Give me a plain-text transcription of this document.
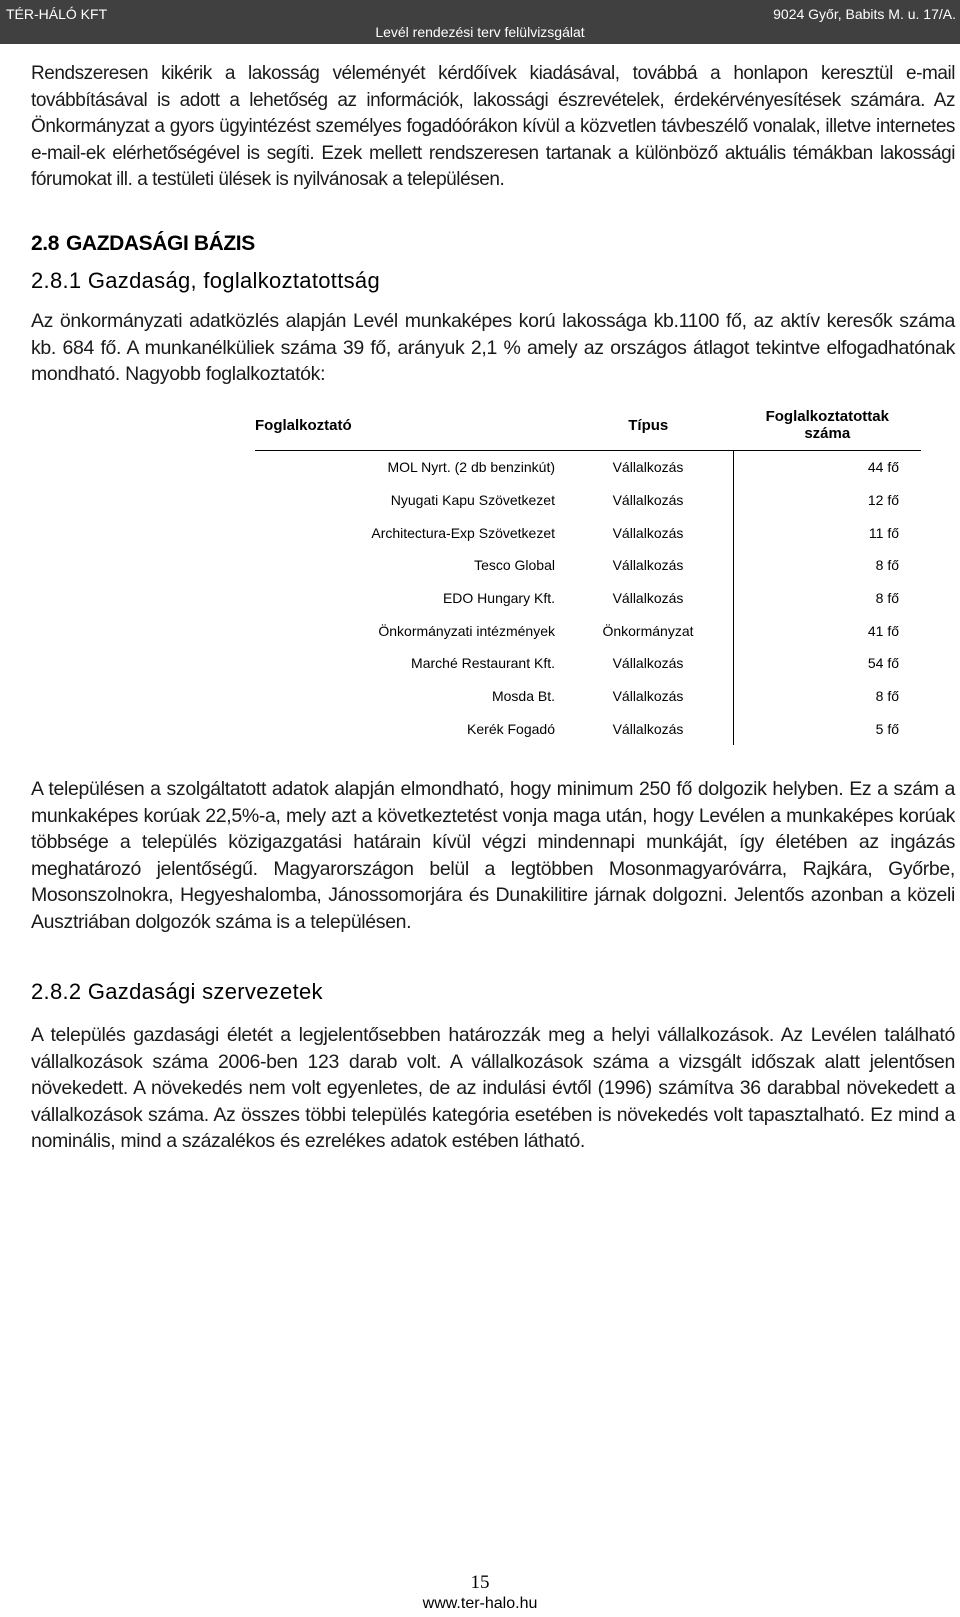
TÉR-HÁLÓ KFT
Levél rendezési terv felülvizsgálat
9024 Győr, Babits M. u. 17/A.
Rendszeresen kikérik a lakosság véleményét kérdőívek kiadásával, továbbá a honlapon keresztül e-mail továbbításával is adott a lehetőség az információk, lakossági észrevételek, érdekérvényesítések számára. Az Önkormányzat a gyors ügyintézést személyes fogadóórákon kívül a közvetlen távbeszélő vonalak, illetve internetes e-mail-ek elérhetőségével is segíti. Ezek mellett rendszeresen tartanak a különböző aktuális témákban lakossági fórumokat ill. a testületi ülések is nyilvánosak a településen.
2.8 GAZDASÁGI BÁZIS
2.8.1 Gazdaság, foglalkoztatottság
Az önkormányzati adatközlés alapján Levél munkaképes korú lakossága kb.1100 fő, az aktív keresők száma kb. 684 fő. A munkanélküliek száma 39 fő, arányuk 2,1 % amely az országos átlagot tekintve elfogadhatónak mondható. Nagyobb foglalkoztatók:
Foglalkoztató	Típus	Foglalkoztatottak száma
MOL Nyrt. (2 db benzinkút)	Vállalkozás	44 fő
Nyugati Kapu Szövetkezet	Vállalkozás	12 fő
Architectura-Exp Szövetkezet	Vállalkozás	11 fő
Tesco Global	Vállalkozás	8 fő
EDO Hungary Kft.	Vállalkozás	8 fő
Önkormányzati intézmények	Önkormányzat	41 fő
Marché Restaurant Kft.	Vállalkozás	54 fő
Mosda Bt.	Vállalkozás	8 fő
Kerék Fogadó	Vállalkozás	5 fő
A településen a szolgáltatott adatok alapján elmondható, hogy minimum 250 fő dolgozik helyben. Ez a szám a munkaképes korúak 22,5%-a, mely azt a következtetést vonja maga után, hogy Levélen a munkaképes korúak többsége a település közigazgatási határain kívül végzi mindennapi munkáját, így életében az ingázás meghatározó jelentőségű. Magyarországon belül a legtöbben Mosonmagyaróvárra, Rajkára, Győrbe, Mosonszolnokra, Hegyeshalomba, Jánossomorjára és Dunakilitire járnak dolgozni. Jelentős azonban a közeli Ausztriában dolgozók száma is a településen.
2.8.2 Gazdasági szervezetek
A település gazdasági életét a legjelentősebben határozzák meg a helyi vállalkozások. Az Levélen található vállalkozások száma 2006-ben 123 darab volt. A vállalkozások száma a vizsgált időszak alatt jelentősen növekedett. A növekedés nem volt egyenletes, de az indulási évtől (1996) számítva 36 darabbal növekedett a vállalkozások száma. Az összes többi település kategória esetében is növekedés volt tapasztalható. Ez mind a nominális, mind a százalékos és ezrelékes adatok estében látható.
15
www.ter-halo.hu
